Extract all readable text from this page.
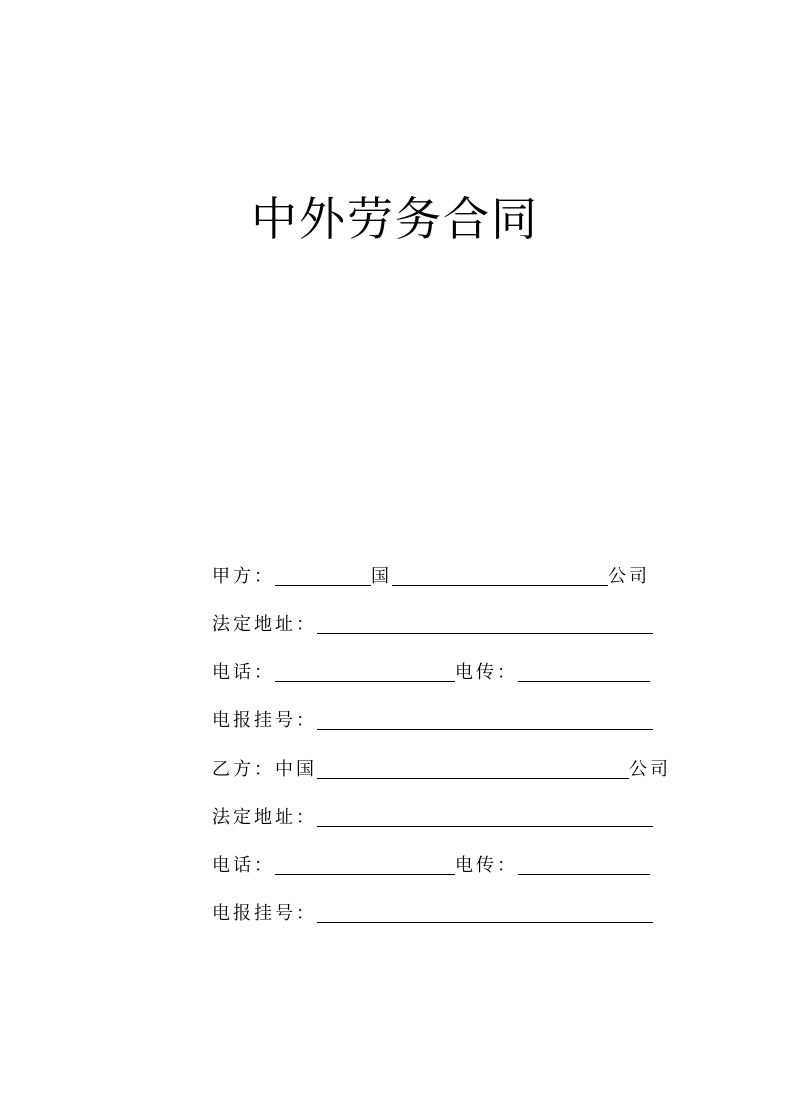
中外劳务合同
甲方：	国	公司
法定地址：
电话：	电传：
电报挂号：
乙方：中国	公司
法定地址：
电话：	电传：
电报挂号：
